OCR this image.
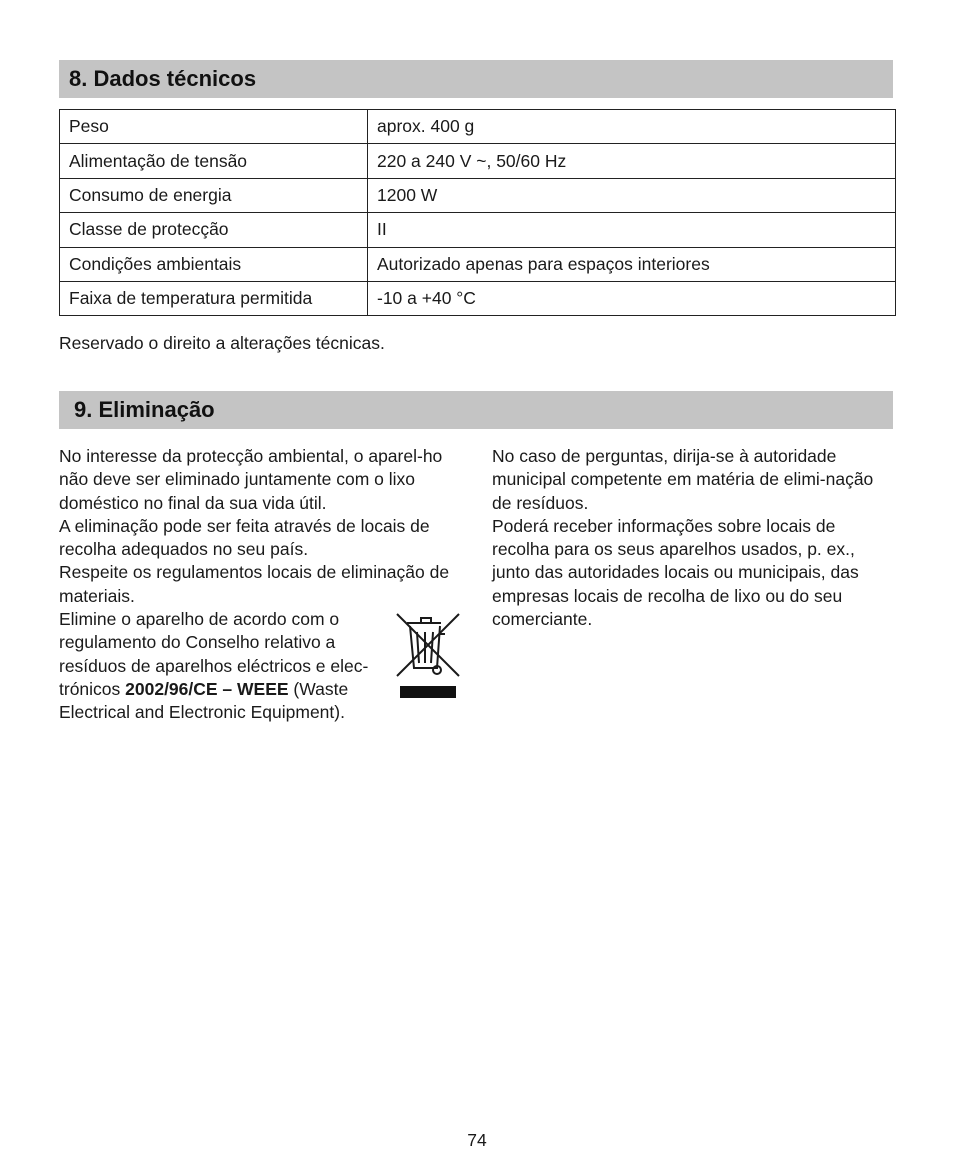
8. Dados técnicos
Peso	aprox. 400 g
Alimentação de tensão	220 a 240 V ~, 50/60 Hz
Consumo de energia	1200 W
Classe de protecção	II
Condições ambientais	Autorizado apenas para espaços interiores
Faixa de temperatura permitida	-10 a +40 °C
Reservado o direito a alterações técnicas.
9. Eliminação

No interesse da protecção ambiental, o aparel-ho não deve ser eliminado juntamente com o lixo doméstico no final da sua vida útil.

A eliminação pode ser feita através de locais de recolha adequados no seu país.

Respeite os regulamentos locais de eliminação de materiais.

Elimine o aparelho de acordo com o regulamento do Conselho relativo a resíduos de aparelhos eléctricos e elec-trónicos 2002/96/CE – WEEE (Waste Electrical and Electronic Equipment).

No caso de perguntas, dirija-se à autoridade municipal competente em matéria de elimi-nação de resíduos.

Poderá receber informações sobre locais de recolha para os seus aparelhos usados, p. ex., junto das autoridades locais ou municipais, das empresas locais de recolha de lixo ou do seu comerciante.

74
